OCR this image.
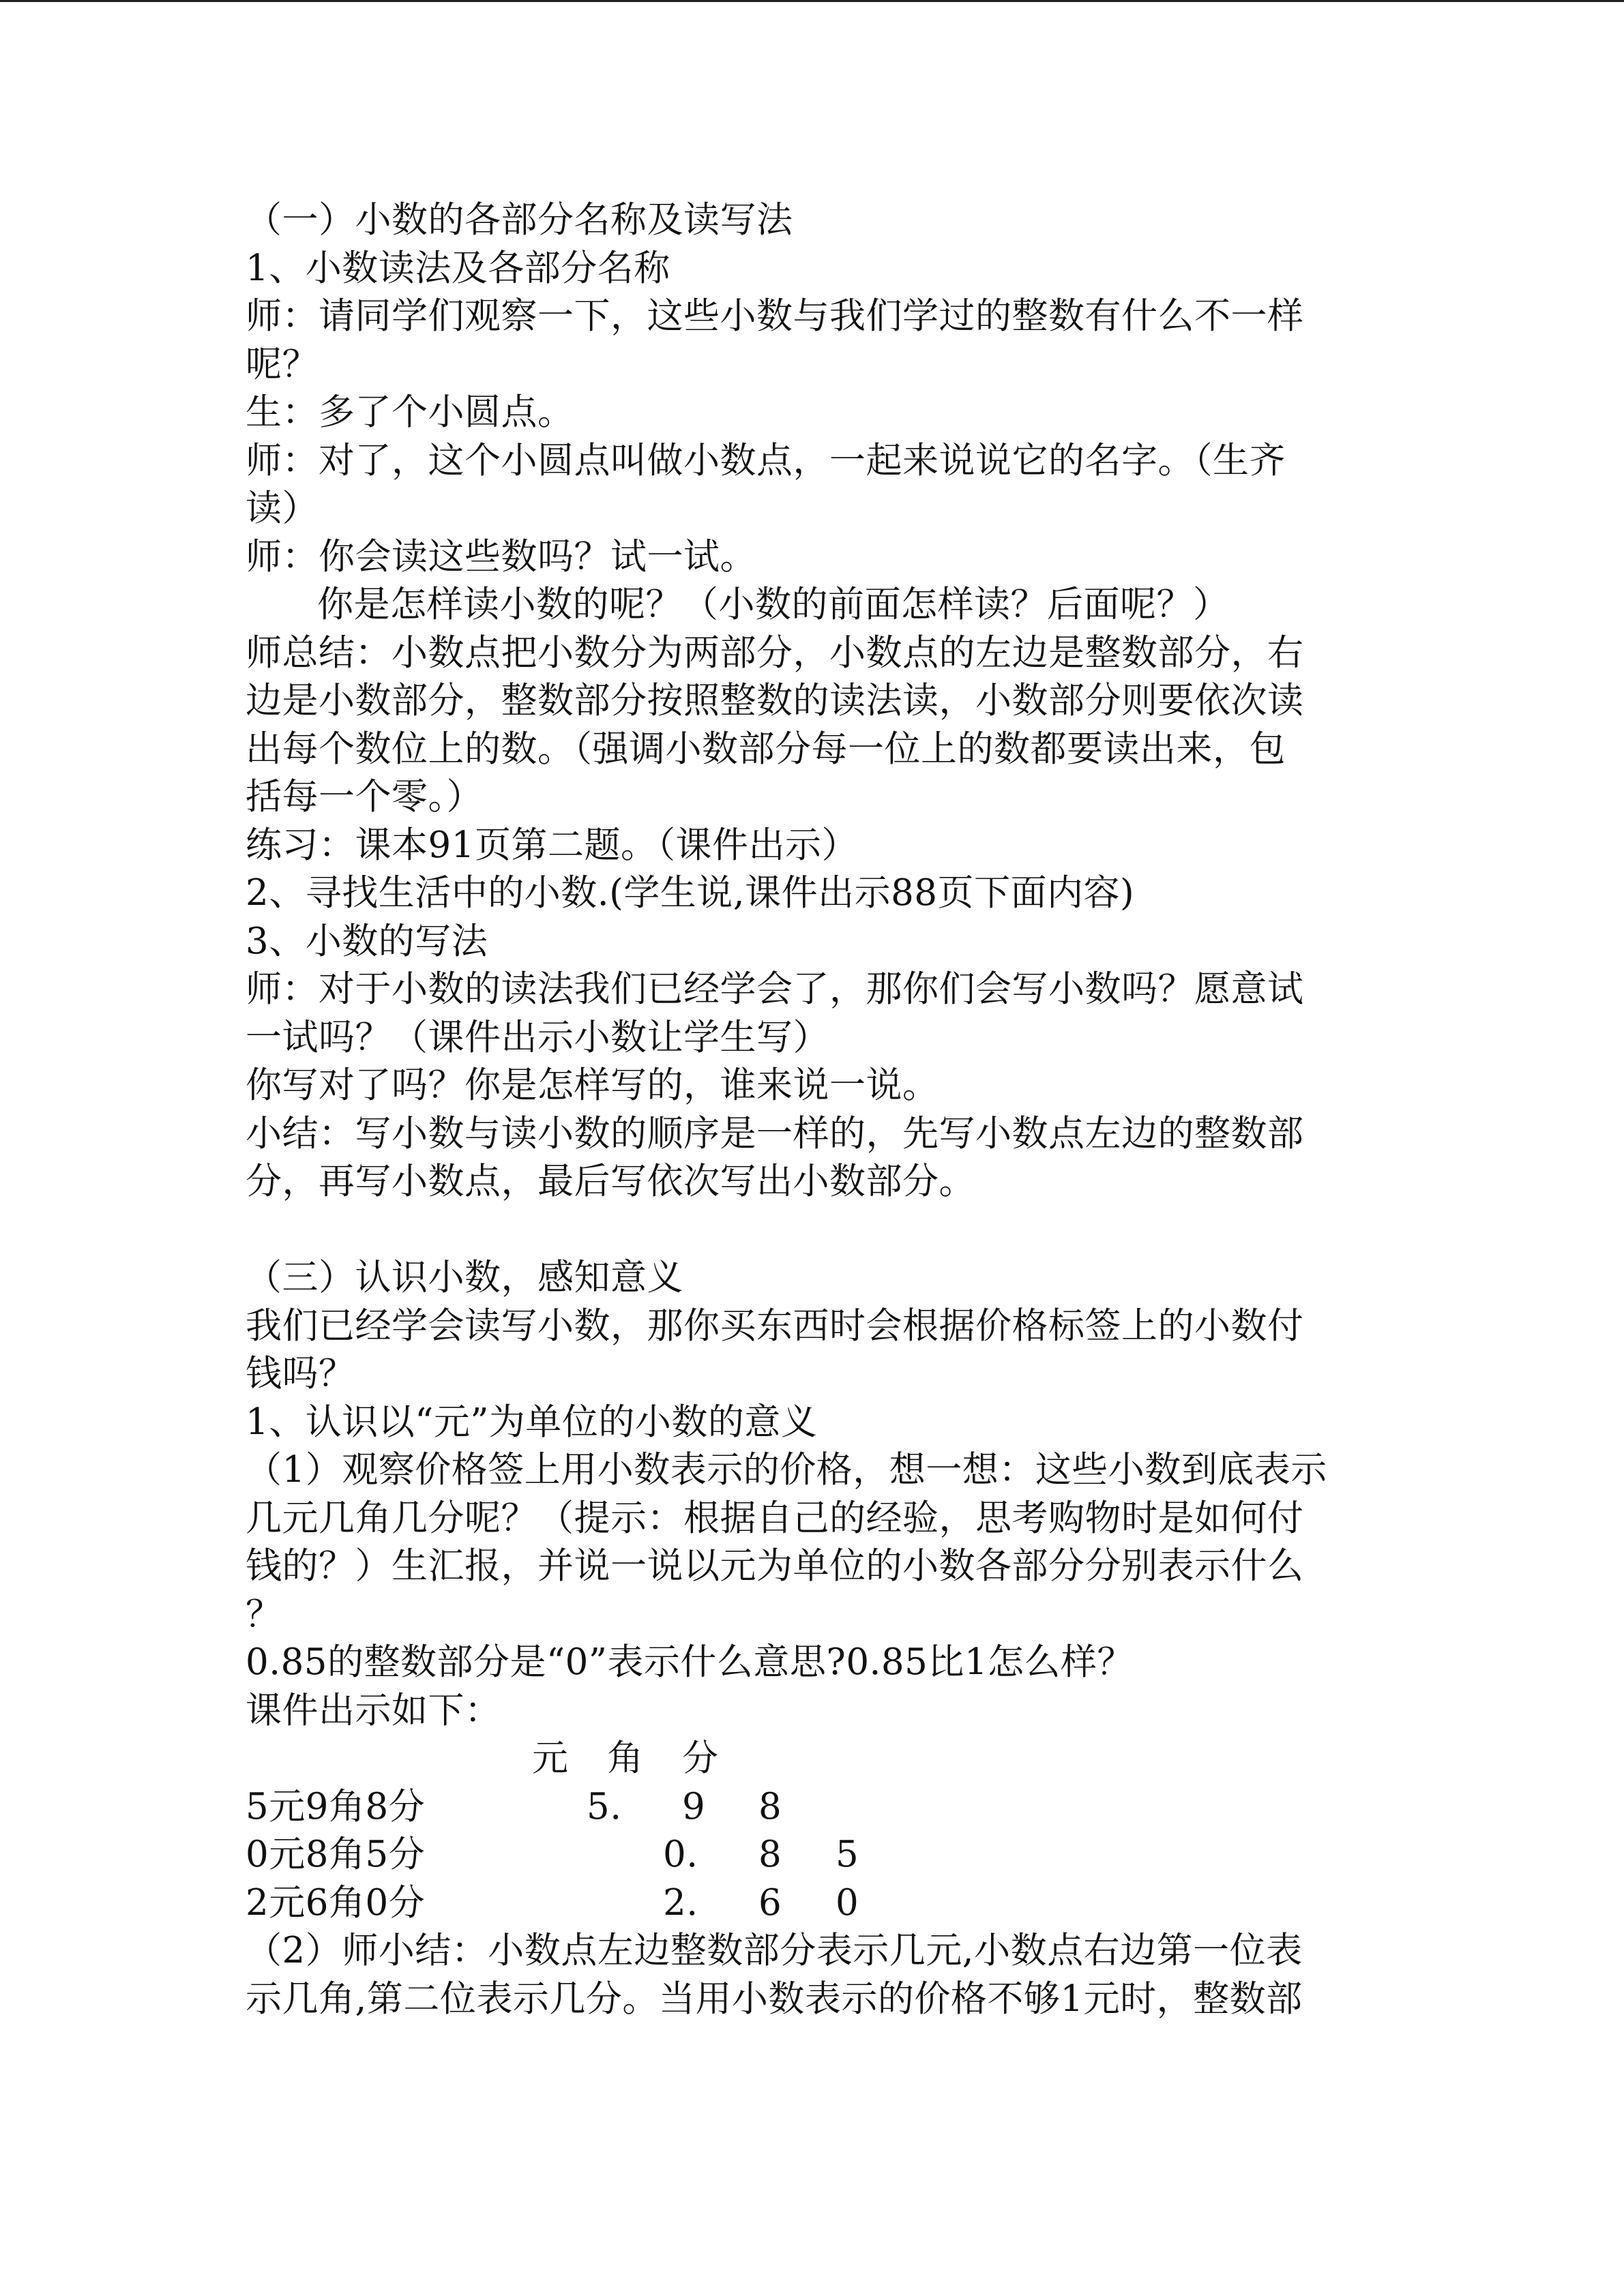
（一）小数的各部分名称及读写法
1、小数读法及各部分名称
师：请同学们观察一下，这些小数与我们学过的整数有什么不一样
呢？
生：多了个小圆点。
师：对了，这个小圆点叫做小数点，一起来说说它的名字。（生齐
读）
师：你会读这些数吗？试一试。
你是怎样读小数的呢？（小数的前面怎样读？后面呢？）
师总结：小数点把小数分为两部分，小数点的左边是整数部分，右
边是小数部分，整数部分按照整数的读法读，小数部分则要依次读
出每个数位上的数。（强调小数部分每一位上的数都要读出来，包
括每一个零。）
练习：课本91页第二题。（课件出示）
2、寻找生活中的小数.(学生说,课件出示88页下面内容)
3、小数的写法
师：对于小数的读法我们已经学会了，那你们会写小数吗？愿意试
一试吗？（课件出示小数让学生写）
你写对了吗？你是怎样写的，谁来说一说。
小结：写小数与读小数的顺序是一样的，先写小数点左边的整数部
分，再写小数点，最后写依次写出小数部分。
（三）认识小数，感知意义
我们已经学会读写小数，那你买东西时会根据价格标签上的小数付
钱吗？
1、认识以“元”为单位的小数的意义
（1）观察价格签上用小数表示的价格，想一想：这些小数到底表示
几元几角几分呢？（提示：根据自己的经验，思考购物时是如何付
钱的？）生汇报，并说一说以元为单位的小数各部分分别表示什么
？
0.85的整数部分是“0”表示什么意思?0.85比1怎么样？
课件出示如下：
元 角 分
5元9角8分	5. 9 8
0元8角5分	0. 8 5
2元6角0分	2. 6 0
（2）师小结：小数点左边整数部分表示几元,小数点右边第一位表
示几角,第二位表示几分。当用小数表示的价格不够1元时，整数部
